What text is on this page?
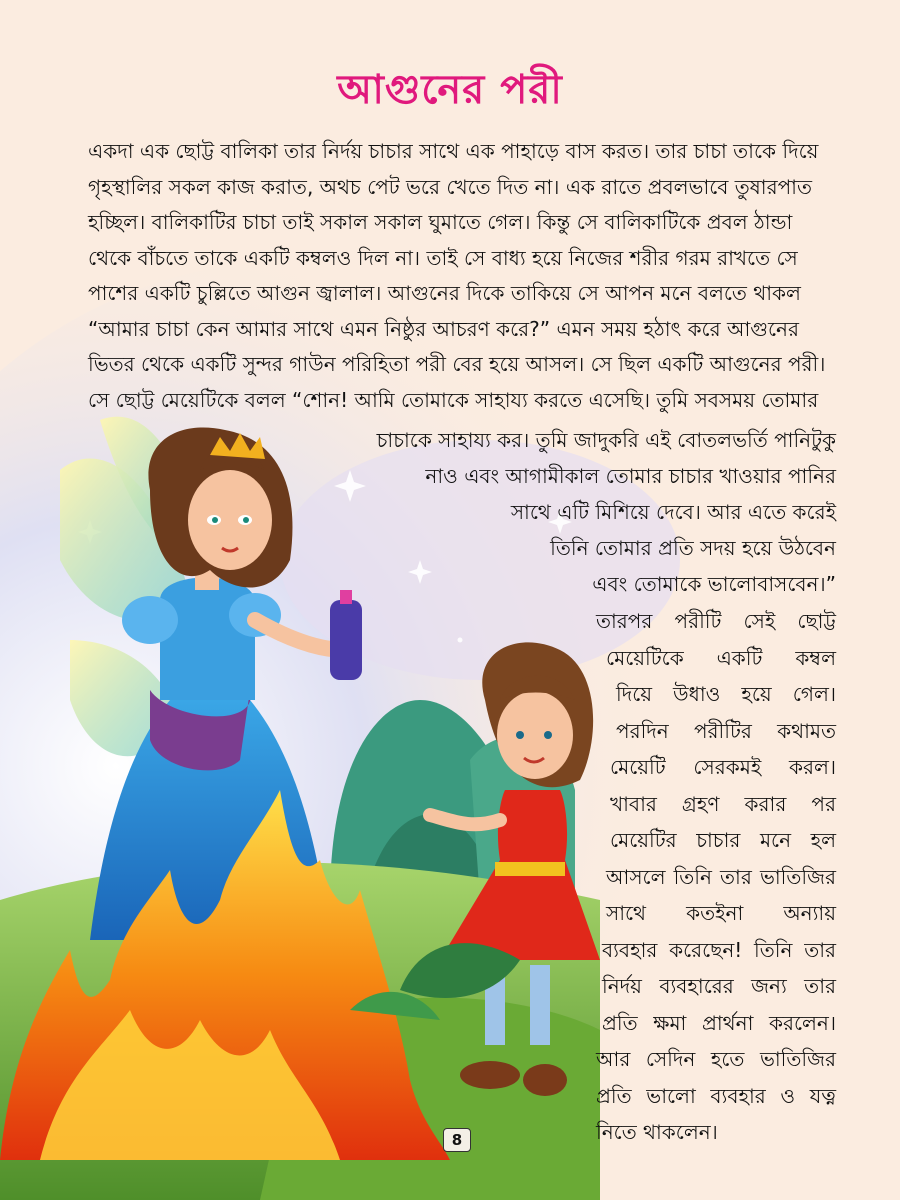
আগুনের পরী
একদা এক ছোট্ট বালিকা তার নির্দয় চাচার সাথে এক পাহাড়ে বাস করত। তার চাচা তাকে দিয়ে
গৃহস্থালির সকল কাজ করাত, অথচ পেট ভরে খেতে দিত না। এক রাতে প্রবলভাবে তুষারপাত
হচ্ছিল। বালিকাটির চাচা তাই সকাল সকাল ঘুমাতে গেল। কিন্তু সে বালিকাটিকে প্রবল ঠান্ডা
থেকে বাঁচতে তাকে একটি কম্বলও দিল না। তাই সে বাধ্য হয়ে নিজের শরীর গরম রাখতে সে
পাশের একটি চুল্লিতে আগুন জ্বালাল। আগুনের দিকে তাকিয়ে সে আপন মনে বলতে থাকল
“আমার চাচা কেন আমার সাথে এমন নিষ্ঠুর আচরণ করে?” এমন সময় হঠাৎ করে আগুনের
ভিতর থেকে একটি সুন্দর গাউন পরিহিতা পরী বের হয়ে আসল। সে ছিল একটি আগুনের পরী।
সে ছোট্ট মেয়েটিকে বলল “শোন! আমি তোমাকে সাহায্য করতে এসেছি। তুমি সবসময় তোমার
চাচাকে সাহায্য কর। তুমি জাদুকরি এই বোতলভর্তি পানিটুকু
নাও এবং আগামীকাল তোমার চাচার খাওয়ার পানির
সাথে এটি মিশিয়ে দেবে। আর এতে করেই
তিনি তোমার প্রতি সদয় হয়ে উঠবেন
এবং তোমাকে ভালোবাসবেন।”
তারপর পরীটি সেই ছোট্ট
মেয়েটিকে একটি কম্বল
দিয়ে উধাও হয়ে গেল।
পরদিন পরীটির কথামত
মেয়েটি সেরকমই করল।
খাবার গ্রহণ করার পর
মেয়েটির চাচার মনে হল
আসলে তিনি তার ভাতিজির
সাথে কতইনা অন্যায়
ব্যবহার করেছেন! তিনি তার
নির্দয় ব্যবহারের জন্য তার
প্রতি ক্ষমা প্রার্থনা করলেন।
আর সেদিন হতে ভাতিজির
প্রতি ভালো ব্যবহার ও যত্ন
নিতে থাকলেন।
8
